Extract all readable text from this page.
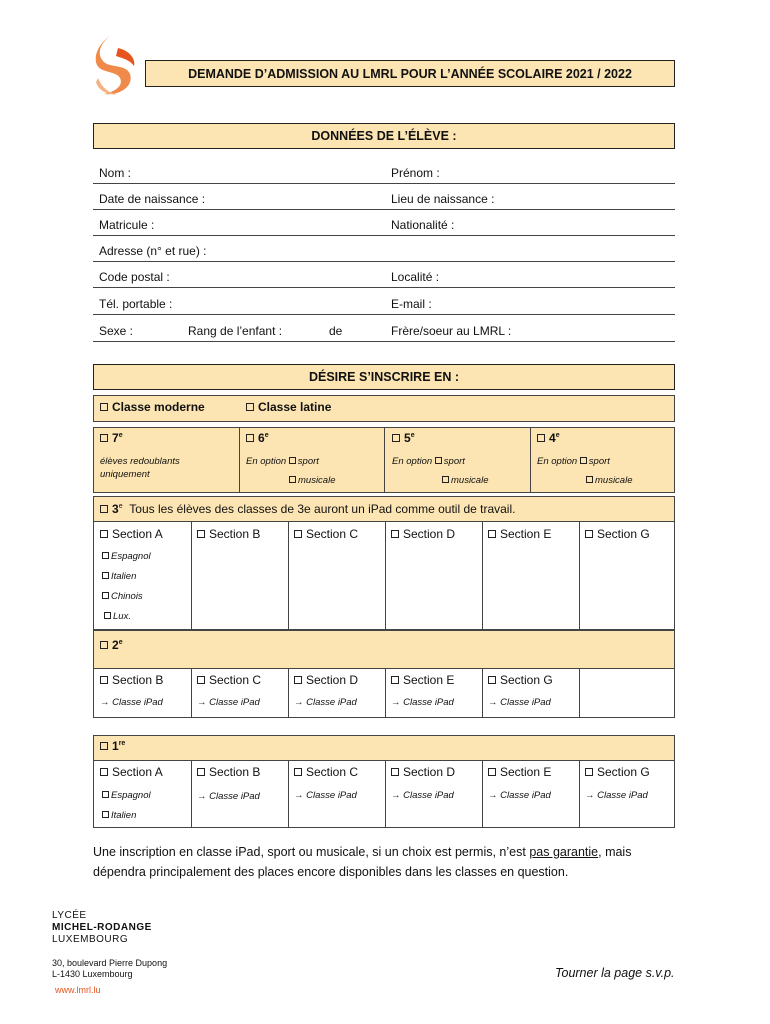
DEMANDE D’ADMISSION AU LMRL POUR L’ANNÉE SCOLAIRE 2021 / 2022
DONNÉES DE L’ÉLÈVE :
Nom :	Prénom :
Date de naissance :	Lieu de naissance :
Matricule :	Nationalité :
Adresse (n° et rue) :
Code postal :	Localité :
Tél. portable :	E-mail :
Sexe :	Rang de l’enfant :	de	Frère/soeur au LMRL :
DÉSIRE S’INSCRIRE EN :
Classe moderne	Classe latine
7e
élèves redoublants
uniquement
6e
En option sport
musicale
5e
En option sport
musicale
4e
En option sport
musicale
3e Tous les élèves des classes de 3e auront un iPad comme outil de travail.
Section A	Section B	Section C	Section D	Section E	Section G
Espagnol
Italien
Chinois
Lux.
2e
Section B	Section C	Section D	Section E	Section G
→ Classe iPad	→ Classe iPad	→ Classe iPad	→ Classe iPad	→ Classe iPad
1re
Section A	Section B	Section C	Section D	Section E	Section G
Espagnol
Italien
→ Classe iPad	→ Classe iPad	→ Classe iPad	→ Classe iPad	→ Classe iPad
Une inscription en classe iPad, sport ou musicale, si un choix est permis, n’est pas garantie, mais dépendra principalement des places encore disponibles dans les classes en question.
LYCÉE
MICHEL-RODANGE
LUXEMBOURG
30, boulevard Pierre Dupong
L-1430 Luxembourg
www.lmrl.lu
Tourner la page s.v.p.
